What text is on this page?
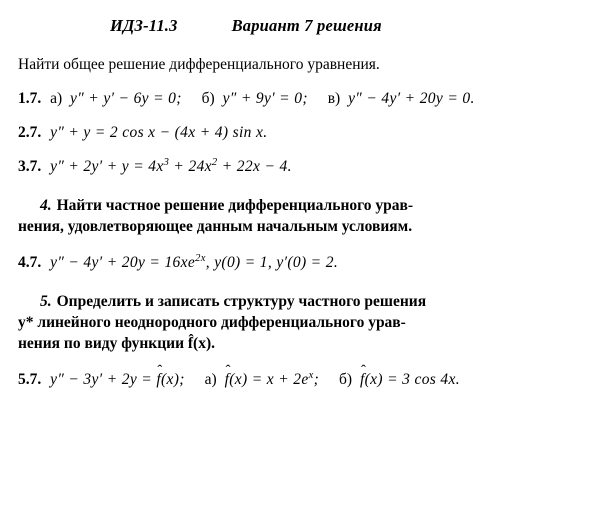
ИДЗ-11.3	Вариант 7 решения
Найти общее решение дифференциального уравнения.
1.7. а) y″ + y′ − 6y = 0; б) y″ + 9y′ = 0; в) y″ − 4y′ + 20y = 0.
2.7. y″ + y = 2 cos x − (4x + 4) sin x.
3.7. $y'' + 2y' + y = 4x^3 + 24x^2 + 22x - 4$.
4. Найти частное решение дифференциального урав-
нения, удовлетворяющее данным начальным условиям.
4.7. $y'' - 4y' + 20y = 16xe^{2x}$, y(0) = 1, y′(0) = 2.
5. Определить и записать структуру частного решения
y* линейного неоднородного дифференциального урав-
нения по виду функции f̂(x).
5.7. y″ − 3y′ + 2y = ˆ f(x); а) ˆ $f(x) = x + 2e^x$; б) ˆ f(x) = 3 cos 4x.
